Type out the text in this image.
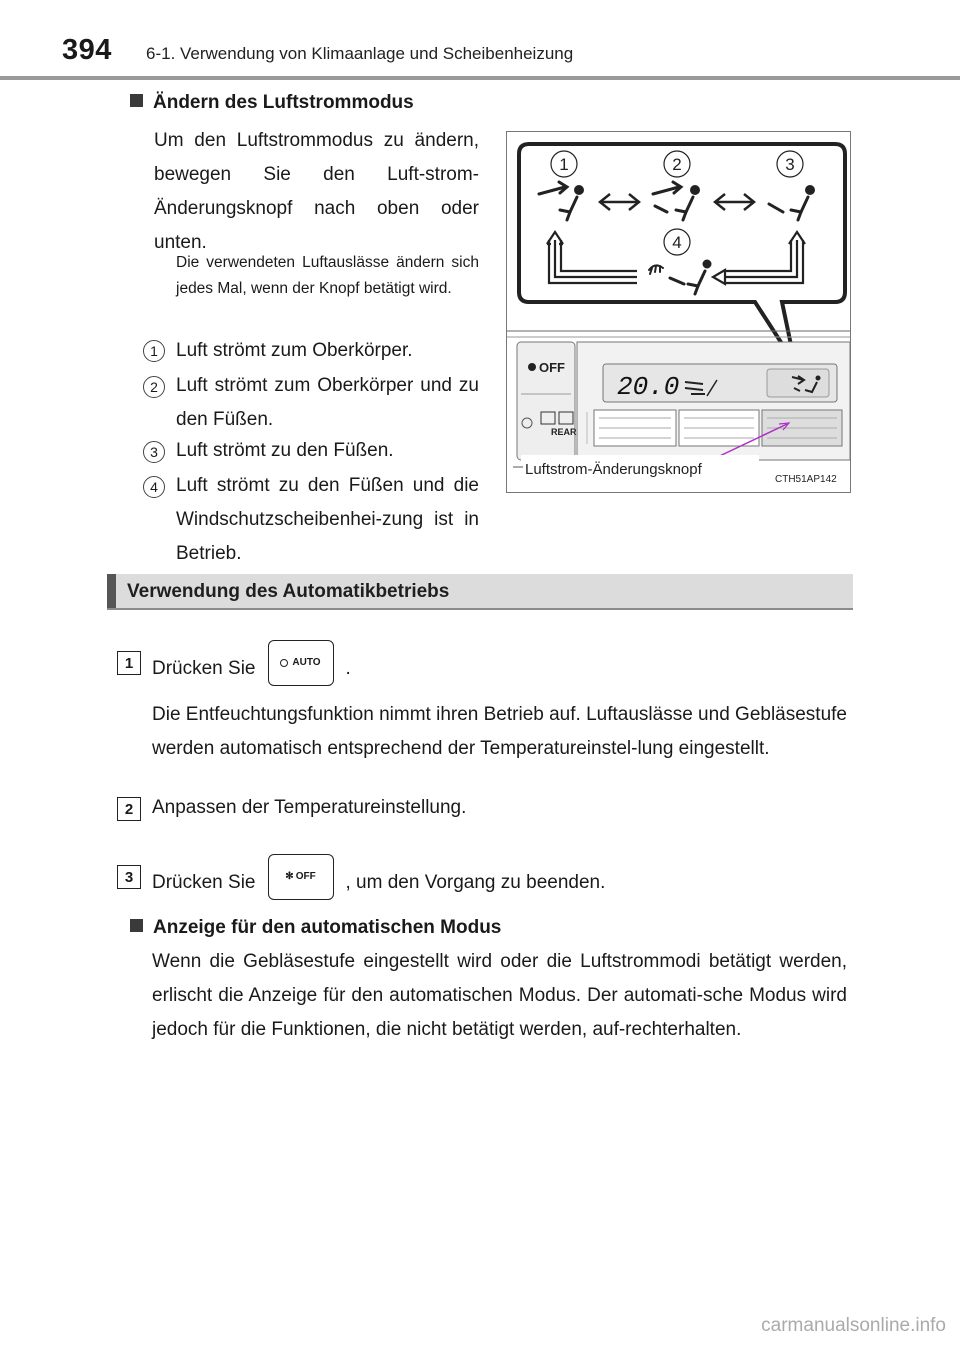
394 6-1. Verwendung von Klimaanlage und Scheibenheizung
Ändern des Luftstrommodus
Um den Luftstrommodus zu ändern, bewegen Sie den Luft-strom-Änderungsknopf nach oben oder unten.
Die verwendeten Luftauslässe ändern sich jedes Mal, wenn der Knopf betätigt wird.
1 Luft strömt zum Oberkörper.
2 Luft strömt zum Oberkörper und zu den Füßen.
3 Luft strömt zu den Füßen.
4 Luft strömt zu den Füßen und die Windschutzscheibenhei-zung ist in Betrieb.
1	2	3
4
OFF
REAR
20.0
Luftstrom-Änderungsknopf
CTH51AP142
Verwendung des Automatikbetriebs
1 Drücken Sie	AUTO .
Die Entfeuchtungsfunktion nimmt ihren Betrieb auf. Luftauslässe und Gebläsestufe werden automatisch entsprechend der Temperatureinstel-lung eingestellt.
2 Anpassen der Temperatureinstellung.
3 Drücken Sie	✻ OFF , um den Vorgang zu beenden.
Anzeige für den automatischen Modus
Wenn die Gebläsestufe eingestellt wird oder die Luftstrommodi betätigt werden, erlischt die Anzeige für den automatischen Modus. Der automati-sche Modus wird jedoch für die Funktionen, die nicht betätigt werden, auf-rechterhalten.
carmanualsonline.info
